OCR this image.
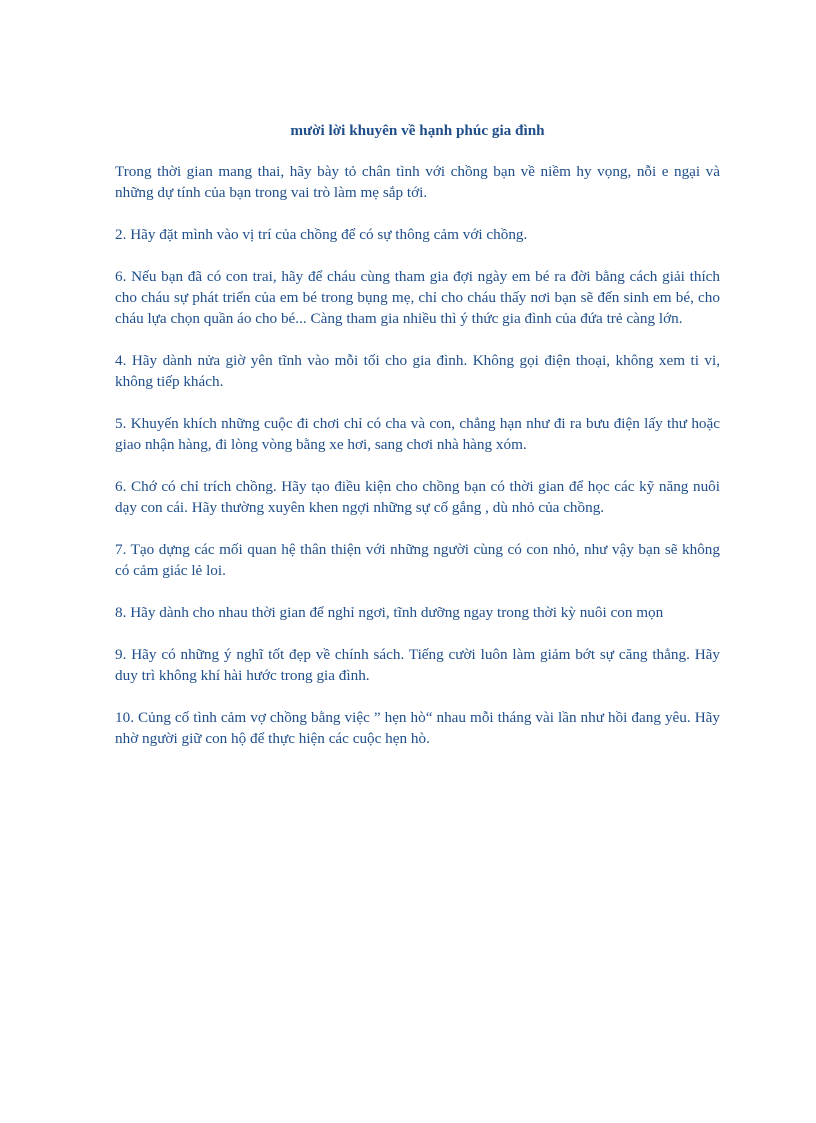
mười lời khuyên về hạnh phúc gia đình

Trong thời gian mang thai, hãy bày tỏ chân tình với chồng bạn về niềm hy vọng, nỗi e ngại và những dự tính của bạn trong vai trò làm mẹ sắp tới.

2. Hãy đặt mình vào vị trí của chồng để có sự thông cảm với chồng.

6. Nếu bạn đã có con trai, hãy để cháu cùng tham gia đợi ngày em bé ra đời bằng cách giải thích cho cháu sự phát triển của em bé trong bụng mẹ, chỉ cho cháu thấy nơi bạn sẽ đến sinh em bé, cho cháu lựa chọn quần áo cho bé... Càng tham gia nhiều thì ý thức gia đình của đứa trẻ càng lớn.

4. Hãy dành nửa giờ yên tĩnh vào mỗi tối cho gia đình. Không gọi điện thoại, không xem ti vi, không tiếp khách.

5. Khuyến khích những cuộc đi chơi chỉ có cha và con, chẳng hạn như đi ra bưu điện lấy thư hoặc giao nhận hàng, đi lòng vòng bằng xe hơi, sang chơi nhà hàng xóm.

6. Chớ có chỉ trích chồng. Hãy tạo điều kiện cho chồng bạn có thời gian để học các kỹ năng nuôi dạy con cái. Hãy thường xuyên khen ngợi những sự cố gắng , dù nhỏ của chồng.

7. Tạo dựng các mối quan hệ thân thiện với những người cùng có con nhỏ, như vậy bạn sẽ không có cảm giác lẻ loi.

8. Hãy dành cho nhau thời gian để nghỉ ngơi, tĩnh dưỡng ngay trong thời kỳ nuôi con mọn

9. Hãy có những ý nghĩ tốt đẹp về chính sách. Tiếng cười luôn làm giảm bớt sự căng thẳng. Hãy duy trì không khí hài hước trong gia đình.

10. Củng cố tình cảm vợ chồng bằng việc ” hẹn hò“ nhau mỗi tháng vài lần như hồi đang yêu. Hãy nhờ người giữ con hộ để thực hiện các cuộc hẹn hò.
